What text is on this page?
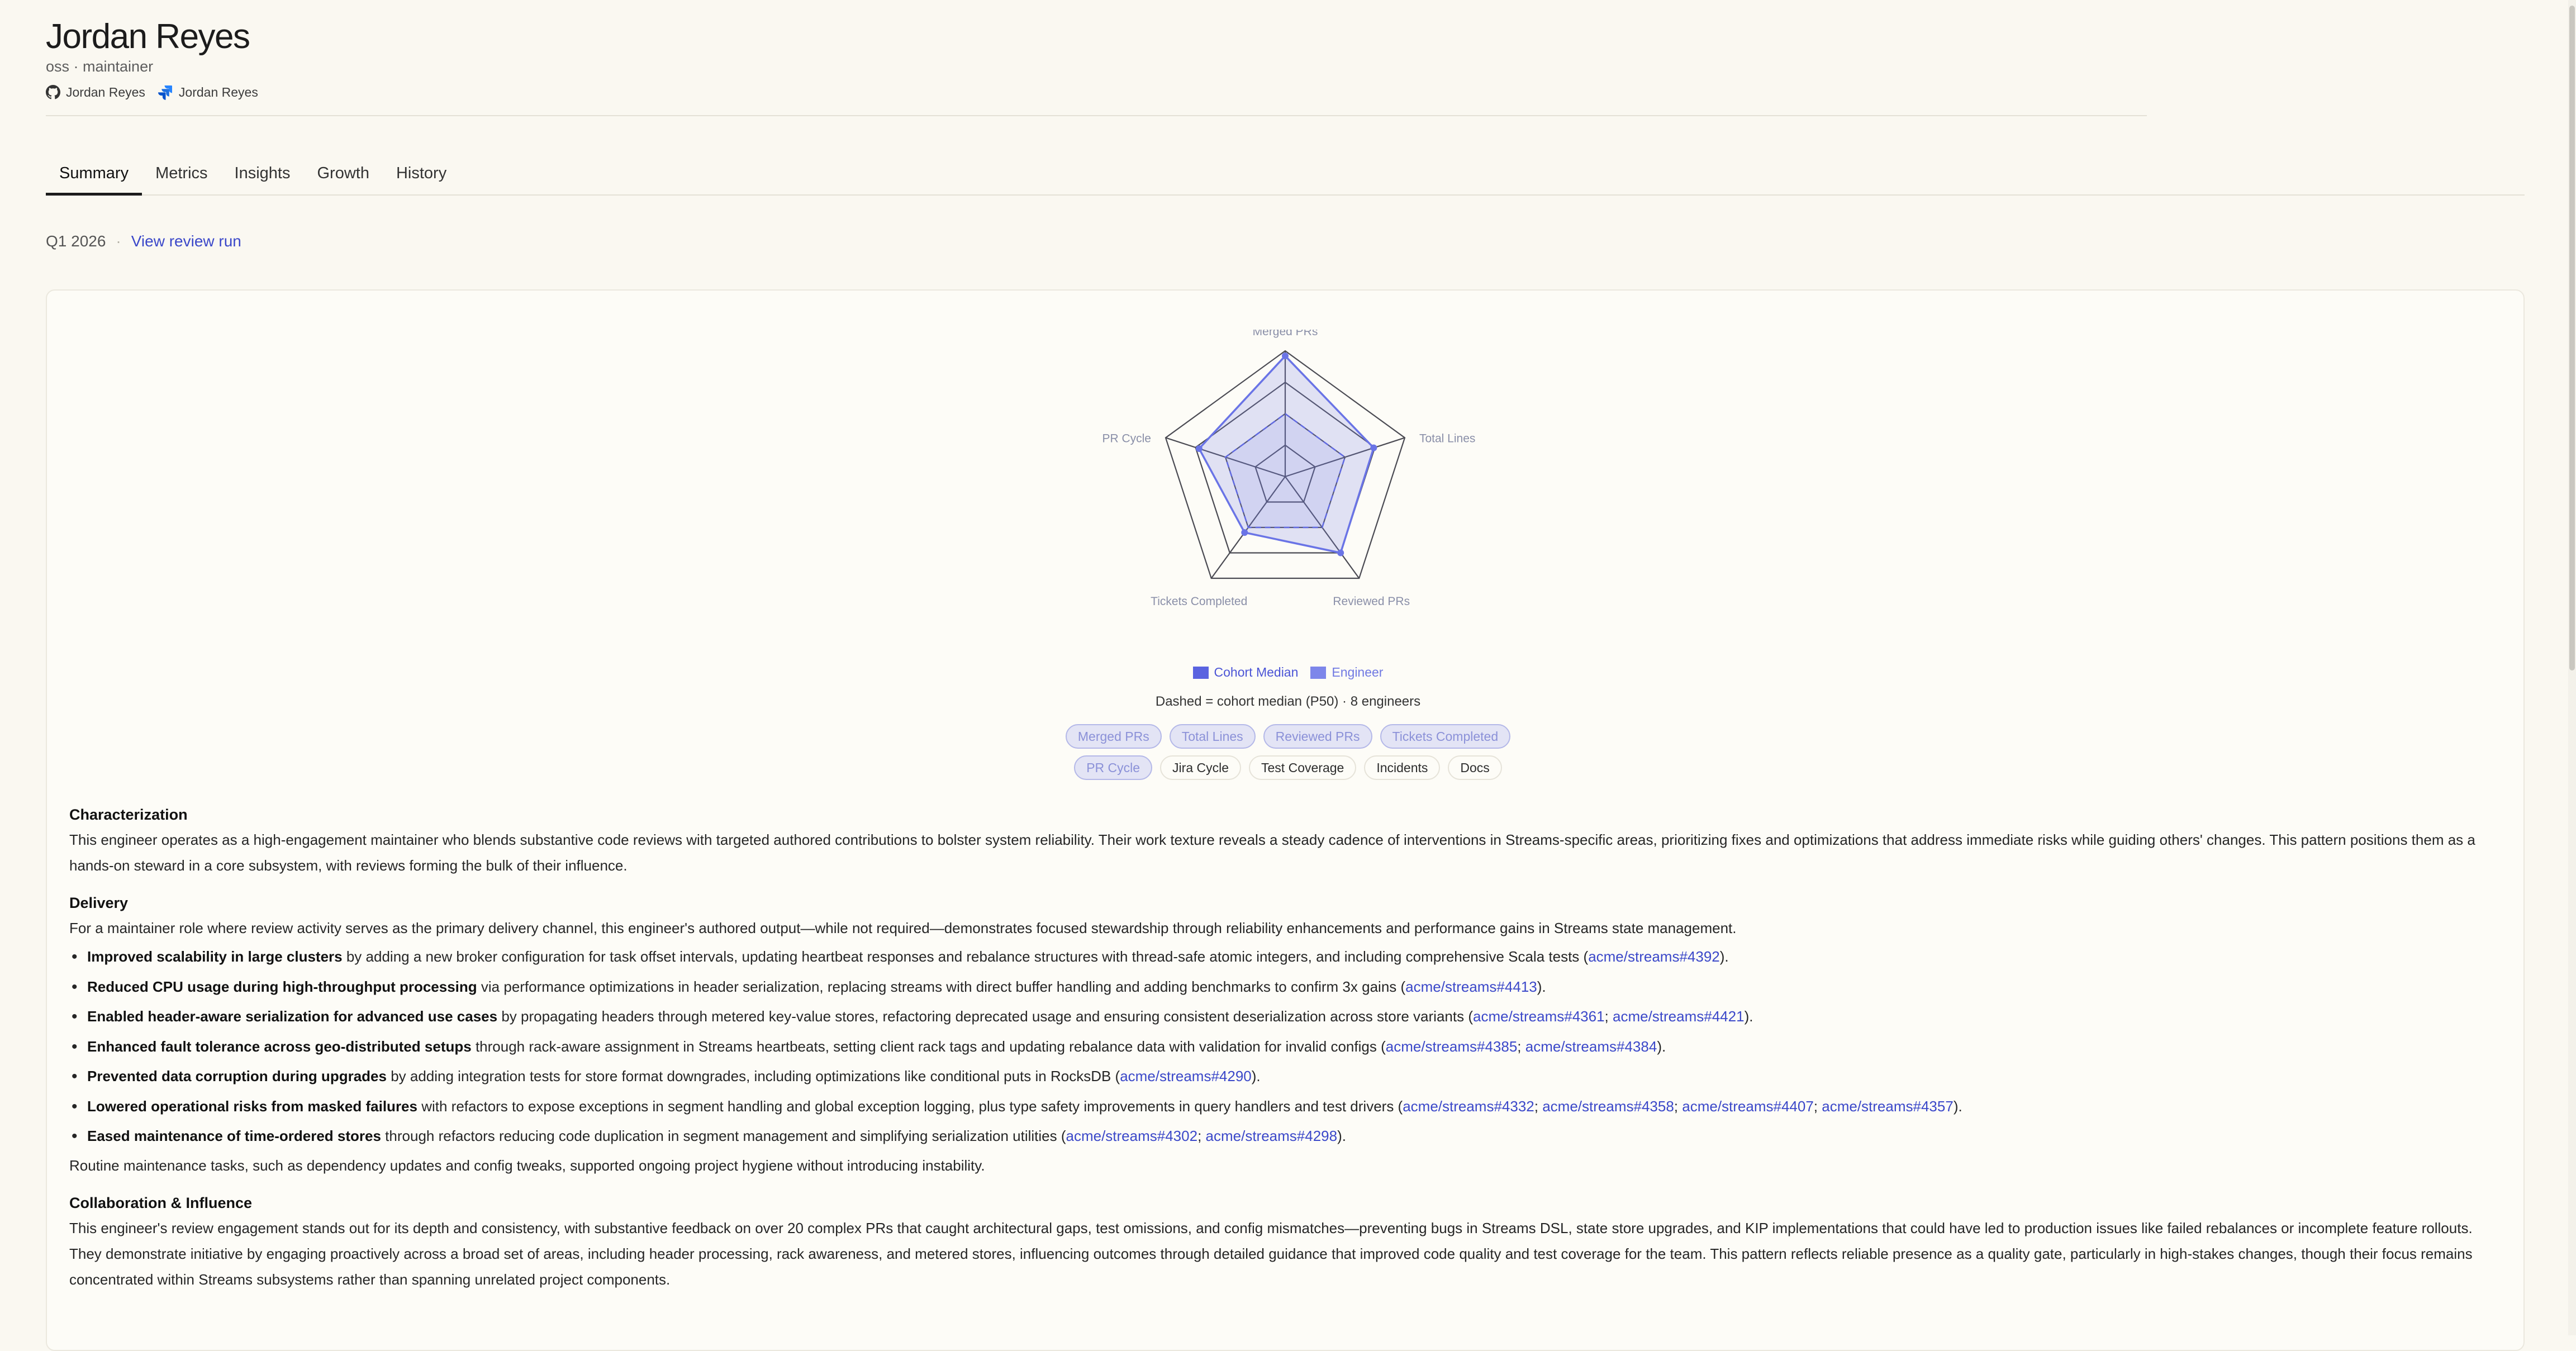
Jordan Reyes
oss · maintainer
Jordan Reyes	Jordan Reyes
Summary	Metrics	Insights	Growth	History
Q1 2026 · View review run
Merged PRs
Total Lines
Reviewed PRs
Tickets Completed
PR Cycle
Cohort Median	Engineer
Dashed = cohort median (P50) · 8 engineers
Merged PRs	Total Lines	Reviewed PRs	Tickets Completed
PR Cycle	Jira Cycle	Test Coverage	Incidents	Docs
Characterization

This engineer operates as a high-engagement maintainer who blends substantive code reviews with targeted authored contributions to bolster system reliability. Their work texture reveals a steady cadence of interventions in Streams-specific areas, prioritizing fixes and optimizations that address immediate risks while guiding others' changes. This pattern positions them as a hands-on steward in a core subsystem, with reviews forming the bulk of their influence.

Delivery

For a maintainer role where review activity serves as the primary delivery channel, this engineer's authored output—while not required—demonstrates focused stewardship through reliability enhancements and performance gains in Streams state management.

• Improved scalability in large clusters by adding a new broker configuration for task offset intervals, updating heartbeat responses and rebalance structures with thread-safe atomic integers, and including comprehensive Scala tests (acme/streams#4392).
• Reduced CPU usage during high-throughput processing via performance optimizations in header serialization, replacing streams with direct buffer handling and adding benchmarks to confirm 3x gains (acme/streams#4413).
• Enabled header-aware serialization for advanced use cases by propagating headers through metered key-value stores, refactoring deprecated usage and ensuring consistent deserialization across store variants (acme/streams#4361; acme/streams#4421).
• Enhanced fault tolerance across geo-distributed setups through rack-aware assignment in Streams heartbeats, setting client rack tags and updating rebalance data with validation for invalid configs (acme/streams#4385; acme/streams#4384).
• Prevented data corruption during upgrades by adding integration tests for store format downgrades, including optimizations like conditional puts in RocksDB (acme/streams#4290).
• Lowered operational risks from masked failures with refactors to expose exceptions in segment handling and global exception logging, plus type safety improvements in query handlers and test drivers (acme/streams#4332; acme/streams#4358; acme/streams#4407; acme/streams#4357).
• Eased maintenance of time-ordered stores through refactors reducing code duplication in segment management and simplifying serialization utilities (acme/streams#4302; acme/streams#4298).

Routine maintenance tasks, such as dependency updates and config tweaks, supported ongoing project hygiene without introducing instability.

Collaboration & Influence

This engineer's review engagement stands out for its depth and consistency, with substantive feedback on over 20 complex PRs that caught architectural gaps, test omissions, and config mismatches—preventing bugs in Streams DSL, state store upgrades, and KIP implementations that could have led to production issues like failed rebalances or incomplete feature rollouts. They demonstrate initiative by engaging proactively across a broad set of areas, including header processing, rack awareness, and metered stores, influencing outcomes through detailed guidance that improved code quality and test coverage for the team. This pattern reflects reliable presence as a quality gate, particularly in high-stakes changes, though their focus remains concentrated within Streams subsystems rather than spanning unrelated project components.
